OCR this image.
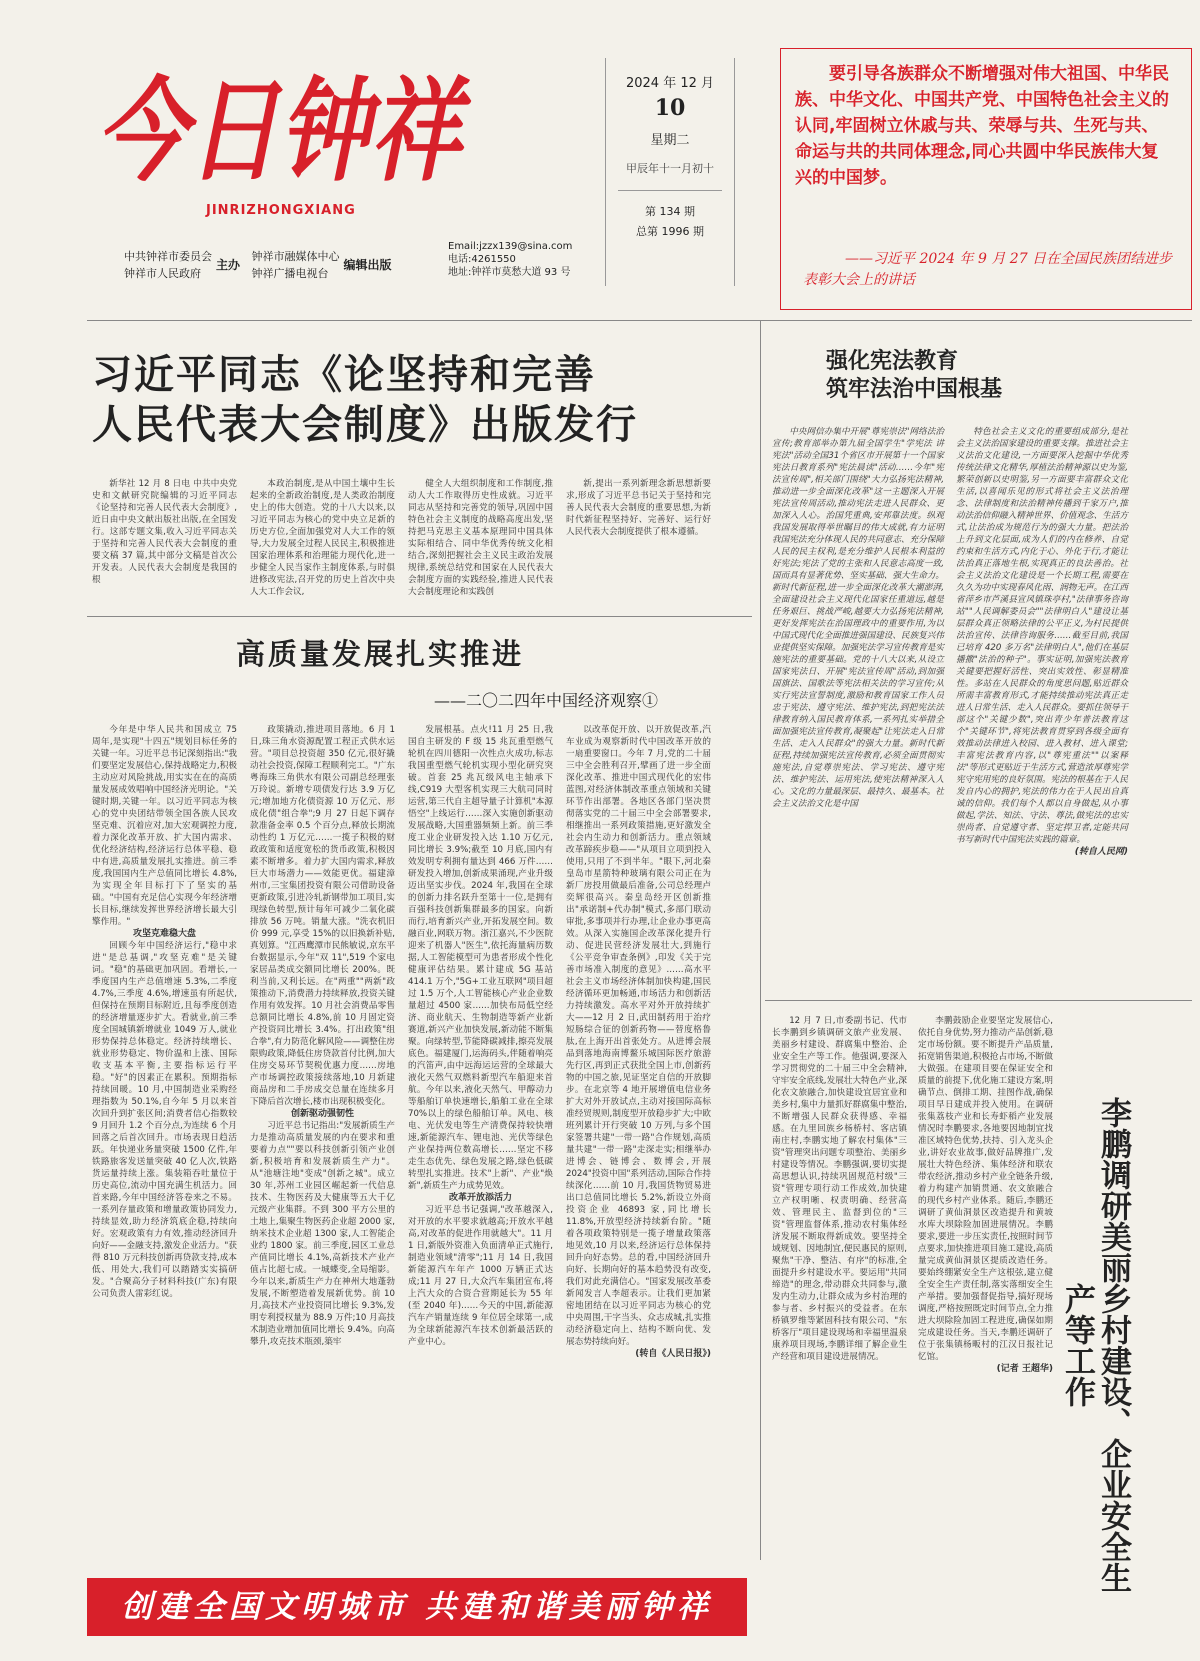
今日钟祥
JINRIZHONGXIANG
中共钟祥市委员会
钟祥市人民政府
主办
钟祥市融媒体中心
钟祥广播电视台
编辑出版
Email:jzzx139@sina.com
电话:4261550
地址:钟祥市莫愁大道 93 号
2024 年 12 月
10
星期二
甲辰年十一月初十
第 134 期
总第 1996 期
要引导各族群众不断增强对伟大祖国、中华民族、中华文化、中国共产党、中国特色社会主义的认同,牢固树立休戚与共、荣辱与共、生死与共、命运与共的共同体理念,同心共圆中华民族伟大复兴的中国梦。
——习近平 2024 年 9 月 27 日在全国民族团结进步表彰大会上的讲话
习近平同志《论坚持和完善
人民代表大会制度》出版发行

新华社 12 月 8 日电 中共中央党史和文献研究院编辑的习近平同志《论坚持和完善人民代表大会制度》,近日由中央文献出版社出版,在全国发行。这部专题文集,收入习近平同志关于坚持和完善人民代表大会制度的重要文稿 37 篇,其中部分文稿是首次公开发表。人民代表大会制度是我国的根

本政治制度,是从中国土壤中生长起来的全新政治制度,是人类政治制度史上的伟大创造。党的十八大以来,以习近平同志为核心的党中央立足新的历史方位,全面加强党对人大工作的领导,大力发展全过程人民民主,积极推进国家治理体系和治理能力现代化,进一步健全人民当家作主制度体系,与时俱进修改宪法,召开党的历史上首次中央人大工作会议,

健全人大组织制度和工作制度,推动人大工作取得历史性成就。习近平同志从坚持和完善党的领导,巩固中国特色社会主义制度的战略高度出发,坚持把马克思主义基本原理同中国具体实际相结合、同中华优秀传统文化相结合,深刻把握社会主义民主政治发展规律,系统总结党和国家在人民代表大会制度方面的实践经验,推进人民代表大会制度理论和实践创

新,提出一系列新理念新思想新要求,形成了习近平总书记关于坚持和完善人民代表大会制度的重要思想,为新时代新征程坚持好、完善好、运行好人民代表大会制度提供了根本遵循。

高质量发展扎实推进
——二〇二四年中国经济观察①

今年是中华人民共和国成立 75 周年,是实现"十四五"规划目标任务的关键一年。习近平总书记深刻指出:"我们要坚定发展信心,保持战略定力,积极主动应对风险挑战,用实实在在的高质量发展成效唱响中国经济光明论。"关键时期,关键一年。以习近平同志为核心的党中央团结带领全国各族人民攻坚克难、沉着应对,加大宏观调控力度,着力深化改革开放、扩大国内需求、优化经济结构,经济运行总体平稳、稳中有进,高质量发展扎实推进。前三季度,我国国内生产总值同比增长 4.8%,为实现全年目标打下了坚实的基础。"中国有充足信心实现今年经济增长目标,继续发挥世界经济增长最大引擎作用。"

攻坚克难稳大盘

回顾今年中国经济运行,"稳中求进"是总基调,"攻坚克难"是关键词。"稳"的基础更加巩固。看增长,一季度国内生产总值增速 5.3%,二季度 4.7%,三季度 4.6%,增速虽有所起伏,但保持在预期目标附近,且每季度创造的经济增量逐步扩大。看就业,前三季度全国城镇新增就业 1049 万人,就业形势保持总体稳定。经济持续增长、就业形势稳定、物价温和上涨、国际收支基本平衡,主要指标运行平稳。"好"的因素正在累积。预期指标持续回暖。10 月,中国制造业采购经理指数为 50.1%,自今年 5 月以来首次回升到扩张区间;消费者信心指数较 9 月回升 1.2 个百分点,为连续 6 个月回落之后首次回升。市场表现日趋活跃。年快递业务量突破 1500 亿件,年铁路旅客发送量突破 40 亿人次,铁路货运量持续上涨。集装箱吞吐量位于历史高位,流动中国充满生机活力。回首来路,今年中国经济答卷来之不易。一系列存量政策和增量政策协同发力,持续显效,助力经济筑底企稳,持续向好。宏观政策有力有效,推动经济回升向好——金融支持,激发企业活力。"获得 810 万元科技创新再贷款支持,成本低、用处大,我们可以踏踏实实搞研发。"合聚高分子材料科技(广东)有限公司负责人雷彩红说。

政策撬动,推进项目落地。6 月 1 日,珠三角水资源配置工程正式供水运营。"项目总投资超 350 亿元,很好撬动社会投资,保障工程顺利完工。"广东粤海珠三角供水有限公司副总经理张万玲说。新增专项债发行达 3.9 万亿元;增加地方化债资源 10 万亿元、形成化债"组合拳";9 月 27 日起下调存款准备金率 0.5 个百分点,释放长期流动性约 1 万亿元……一揽子积极的财政政策和适度宽松的货币政策,积极因素不断增多。着力扩大国内需求,释放巨大市场潜力——效能更优。福建漳州市,三宝集团投资有限公司借助设备更新政策,引进冷轧新钢带加工项目,实现绿色转型,预计每年可减少二氧化碳排放 56 万吨。销量大涨。"洗衣机旧价 999 元,享受 15%的以旧换新补贴,真划算。"江西鹰潭市民熊敏说,京东平台数据显示,今年"双 11",519 个家电家居品类成交额同比增长 200%。既利当前,又利长远。在"两重""两新"政策推动下,消费潜力持续释放,投资关键作用有效发挥。10 月社会消费品零售总额同比增长 4.8%,前 10 月固定资产投资同比增长 3.4%。打出政策"组合拳",有力防范化解风险——调整住房限购政策,降低住房贷款首付比例,加大住房交易环节契税优惠力度……房地产市场调控政策接续落地,10 月新建商品房和二手房成交总量在连续多月下降后首次增长,楼市出现积极变化。

创新驱动强韧性

习近平总书记指出:"发展新质生产力是推动高质量发展的内在要求和重要着力点""要以科技创新引领产业创新,积极培育和发展新质生产力"。从"池塘注地"变成"创新之城"。成立 30 年,苏州工业园区崛起新一代信息技术、生物医药及大健康等五大千亿元级产业集群。不到 300 平方公里的土地上,集聚生物医药企业超 2000 家,纳米技术企业超 1300 家,人工智能企业约 1800 家。前三季度,园区工业总产值同比增长 4.1%,高新技术产业产值占比超七成。一城蝶变,全局缩影。今年以来,新质生产力在神州大地蓬勃发展,不断塑造着发展新优势。前 10 月,高技术产业投资同比增长 9.3%,发明专利授权量为 88.9 万件;10 月高技术制造业增加值同比增长 9.4%。向高攀升,攻克技术瓶颈,築牢

发展根基。点火!11 月 25 日,我国自主研发的 F 级 15 兆瓦重型燃气轮机在四川德阳一次性点火成功,标志我国重型燃气轮机实现小型化研究突破。首套 25 兆瓦级风电主轴承下线,C919 大型客机实现三大航司同时运营,第三代自主超导量子计算机"本源悟空"上线运行……深入实施创新驱动发展战略,大国重器频频上新。前三季度工业企业研发投入达 1.10 万亿元,同比增长 3.9%;截至 10 月底,国内有效发明专利拥有量达到 466 万件……研发投入增加,创新成果涌现,产业升级迈出坚实步伐。2024 年,我国在全球的创新力排名跃升至第十一位,是拥有百强科技创新集群最多的国家。向新而行,培育新兴产业,开拓发展空间。数融百业,网联万物。浙江嘉兴,不少医院迎来了机器人"医生",依托海量病历数据,人工智能模型可为患者形成个性化健康评估结果。累计建成 5G 基站 414.1 万个,"5G+工业互联网"项目超过 1.5 万个,人工智能核心产业企业数量超过 4500 家……加快布局低空经济、商业航天、生物制造等新产业新赛道,新兴产业加快发展,新动能不断集聚。向绿转型,节能降碳减排,擦亮发展底色。福建厦门,运海码头,伴随着响亮的汽笛声,由中远海运运营的全球最大液化天然气双燃料新型汽车船迎来首航。今年以来,液化天然气、甲醇动力等船舶订单快速增长,船舶工业在全球 70%以上的绿色船舶订单。风电、核电、光伏发电等生产清费保持较快增速,新能源汽车、锂电池、光伏等绿色产业保持两位数高增长……坚定不移走生态优先、绿色发展之路,绿色低碳转型扎实推进。技术"上新"、产业"焕新",新质生产力成势见效。

改革开放添活力

习近平总书记强调,"改革越深入,对开放的水平要求就越高;开放水平越高,对改革的促进作用就越大"。11 月 1 日,新版外资准入负面清单正式施行,制造业领域"清零";11 月 14 日,我国新能源汽车年产 1000 万辆正式达成;11 月 27 日,大众汽车集团宣布,将上汽大众的合资合营期延长为 55 年(至 2040 年)……今天的中国,新能源汽车产销量连续 9 年位居全球第一,成为全球新能源汽车技术创新最活跃的产业中心。

以改革促开放、以开放促改革,汽车业成为观察新时代中国改革开放的一扇重要窗口。今年 7 月,党的二十届三中全会胜利召开,擘画了进一步全面深化改革、推进中国式现代化的宏伟蓝图,对经济体制改革重点领域和关键环节作出部署。各地区各部门坚决贯彻落实党的二十届三中全会部署要求,相继推出一系列政策措施,更好激发全社会内生动力和创新活力。重点领域改革蹄疾步稳——"从项目立项到投入使用,只用了不到半年。"眼下,河北秦皇岛市星箭特种玻璃有限公司正在为新厂房投用做最后准备,公司总经理卢奕辉很高兴。秦皇岛经开区创新推出"承诺制+代办制"模式,多部门联动审批,多事项并行办理,让企业办事更高效。从深入实施国企改革深化提升行动、促进民营经济发展壮大,到施行《公平竞争审查条例》,印发《关于完善市场准入制度的意见》……高水平社会主义市场经济体制加快构建,国民经济循环更加畅通,市场活力和创新活力持续激发。高水平对外开放持续扩大——12 月 2 日,武田制药用于治疗短肠综合征的创新药物——替度格鲁肽,在上海开出首张处方。从进博会展品到落地海南博鳌乐城国际医疗旅游先行区,再到正式获批全国上市,创新药物的中国之旅,见证坚定自信的开放脚步。在北京等 4 地开展增值电信业务扩大对外开放试点,主动对接国际高标准经贸规则,制度型开放稳步扩大;中欧班列累计开行突破 10 万列,与多个国家签署共建"一带一路"合作规划,高质量共建"一带一路"走深走实;相继举办进博会、链博会、数博会,开展 2024"投资中国"系列活动,国际合作持续深化……前 10 月,我国货物贸易进出口总值同比增长 5.2%,新设立外商投资企业 46893 家,同比增长 11.8%,开放型经济持续新台阶。"随着各项政策特别是一揽子增量政策落地见效,10 月以来,经济运行总体保持回升向好态势。总的看,中国经济回升向好、长期向好的基本趋势没有改变,我们对此充满信心。"国家发展改革委新闻发言人李超表示。让我们更加紧密地团结在以习近平同志为核心的党中央周围,干字当头、众志成城,扎实推动经济稳定向上、结构不断向优、发展态势持续向好。

(转自《人民日报》)

强化宪法教育
筑牢法治中国根基

中央网信办集中开展"尊宪崇法"网络法治宣传;教育部举办第九届全国学生"学宪法 讲宪法"活动全国31个省区市开展第十一个国家宪法日教育系列"宪法晨读"活动……今年"宪法宣传周",相关部门围绕"大力弘扬宪法精神,推动进一步全面深化改革"这一主题深入开展宪法宣传周活动,推动宪法走进人民群众、更加深入人心。治国凭重典,安邦靠法度。纵观我国发展取得举世瞩目的伟大成就,有力证明我国宪法充分体现人民的共同意志、充分保障人民的民主权利,是充分维护人民根本利益的好宪法;宪法了党的主张和人民意志高度一致,国而具有显著优势、坚实基础、强大生命力。新时代新征程,进一步全面深化改革大潮澎湃,全面建设社会主义现代化国家任重道远,越是任务艰巨、挑战严峻,越要大力弘扬宪法精神,更好发挥宪法在治国理政中的重要作用,为以中国式现代化全面推进强国建设、民族复兴伟业提供坚实保障。加强宪法学习宣传教育是实施宪法的重要基础。党的十八大以来,从设立国家宪法日、开展"宪法宣传周"活动,到加强国旗法、国歌法等宪法相关法的学习宣传;从实行宪法宣誓制度,激励和教育国家工作人员忠于宪法、遵守宪法、维护宪法,到把宪法法律教育纳入国民教育体系,一系列扎实举措全面加强宪法宣传教育,凝聚起"让宪法走入日常生活、走入人民群众"的强大力量。新时代新征程,持续加强宪法宣传教育,必须全面贯彻实施宪法,自觉尊崇宪法、学习宪法、遵守宪法、维护宪法、运用宪法,使宪法精神深入人心。文化的力量最深层、最持久、最基本。社会主义法治文化是中国

特色社会主义文化的重要组成部分,是社会主义法治国家建设的重要支撑。推进社会主义法治文化建设,一方面要深入挖掘中华优秀传统法律文化精华,厚植法治精神源以史为鉴,繁荣创新以史明鉴,另一方面要丰富群众文化生活,以喜闻乐见的形式将社会主义法治理念、法律制度和法治精神传播到千家万户,推动法治信仰融入精神世界、价值观念、生活方式,让法治成为规范行为的强大力量。把法治上升到文化层面,成为人们的内在修养、自觉约束和生活方式,内化于心、外化于行,才能让法治真正落地生根,实现真正的良法善治。社会主义法治文化建设是一个长期工程,需要在久久为功中实现春风化雨、润物无声。在江西省萍乡市芦溪县宣风镇珠亭村,"法律事务咨询站""人民调解委员会""法律明白人"建设让基层群众真正领略法律的公平正义,为村民提供法治宣传、法律咨询服务……截至目前,我国已培育 420 多万名"法律明白人",他们在基层播撒"法治的种子"。事实证明,加强宪法教育关键要把握好活性、突出实效性、彰显精准性。多站在人民群众的角度思问题,贴近群众所需丰富教育形式,才能持续推动宪法真正走进人日常生活、走入人民群众。要抓住领导干部这个"关键少数",突出青少年普法教育这个"关键环节",将宪法教育贯穿到各级全面有效推动法律进入校园、进入教材、进入课堂;丰富宪法教育内容,以"尊宪重法""以案释法"等形式更贴近于生活方式,营造浓厚尊宪学宪守宪用宪的良好氛围。宪法的根基在于人民发自内心的拥护,宪法的伟力在于人民出自真诚的信仰。我们每个人都以自身做起,从小事做起,学法、知法、守法、尊法,做宪法的忠实崇尚者、自觉遵守者、坚定捍卫者,定能共同书写新时代中国宪法实践的篇章。

(转自人民网)

12 月 7 日,市委副书记、代市长李鹏到乡镇调研文旅产业发展、美丽乡村建设、群腐集中整治、企业安全生产等工作。他强调,要深入学习贯彻党的二十届三中全会精神,守牢安全底线,发展壮大特色产业,深化农文旅融合,加快建设宜居宜业和美乡村,集中力量抓好群腐集中整治,不断增强人民群众获得感、幸福感。在九里回族乡杨桥村、客店镇南庄村,李鹏实地了解农村集体"三资"管理突出问题专项整治、美丽乡村建设等情况。李鹏强调,要切实提高思想认识,持续巩固规范村级"三资"管理专项行动工作成效,加快建立产权明晰、权责明确、经营高效、管理民主、监督到位的"三资"管理监督体系,推动农村集体经济发展不断取得新成效。要坚持全域规划、因地制宜,便民惠民的原则,聚焦"干净、整洁、有序"的标准,全面提升乡村建设水平。要运用"共同缔造"的理念,带动群众共同参与,激发内生动力,让群众成为乡村治理的参与者、乡村振兴的受益者。在东桥镇罗维等紧固科技有限公司、"东桥客厅"项目建设现场和幸福里温泉康养项目现场,李鹏详细了解企业生产经营和项目建设进展情况。

李鹏鼓励企业要坚定发展信心,依托自身优势,努力推动产品创新,稳定市场份额。要不断提升产品质量,拓宽销售渠道,积极抢占市场,不断做大做强。在建项目要在保证安全和质量的前提下,优化施工建设方案,明确节点、倒排工期、挂图作战,确保项目早日建成并投入使用。在调研张集荔枝产业和长寿虾稻产业发展情况时李鹏要求,各地要因地制宜找准区域特色优势,扶持、引入龙头企业,讲好农业故事,做好品牌推广,发展壮大特色经济、集体经济和联农带农经济,推动乡村产业全链条升级,着力构建产加销贯通、农文旅融合的现代乡村产业体系。随后,李鹏还调研了黄仙洞景区改造提升和黄坡水库大坝除险加固进展情况。李鹏要求,要进一步压实责任,按照时间节点要求,加快推进项目施工建设,高质量完成黄仙洞景区提质改造任务。要始终绷紧安全生产这根弦,建立健全安全生产责任制,落实落细安全生产举措。要加强督促指导,搞好现场调度,严格按照既定时间节点,全力推进大坝除险加固工程进度,确保如期完成建设任务。当天,李鹏还调研了位于张集镇杨畈村的江汉日报社记忆馆。

(记者 王超华)	李鹏调研美丽乡村建设、企业安全生产等工作
创建全国文明城市 共建和谐美丽钟祥
